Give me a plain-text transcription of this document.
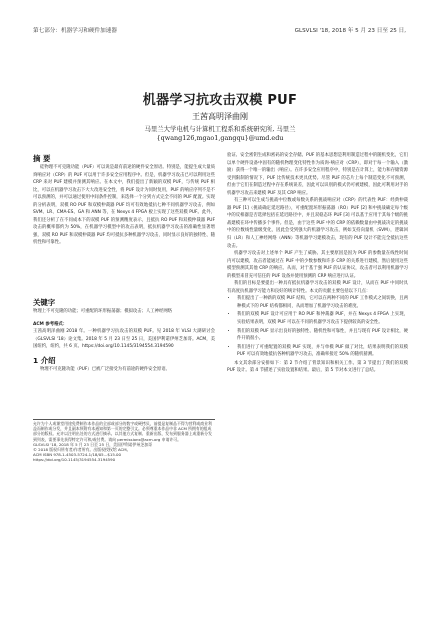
第七部分：机器学习和硬件加速器	GLSVLSI '18, 2018 年 5 月 23 日至 25 日,
机器学习抗攻击双模 PUF
王茜高明泽曲刚
马里兰大学电机与计算机工程系和系统研究所, 马里兰
{qwang126,mgao1,gangqu}@umd.edu
摘 要

硅物理不可克隆功能（PUF）可以说是最有前途的硬件安全原语。特别是，能提生成大量质询响应对（CRP）的 PUF 可以用于许多安全应用程序中。但是，机器学习攻击已可以利用这些 CRP 来对 PUF 建模并预测其响应。在本文中，我们提出了新颖的双模 PUF，与传统 PUF 相比，可以在机器学习攻击下大大改进安全性，将 PUF 设计为同时复用，PUF 的响应序列不是不可以预测的，并可以通过使用中间条件控制，来选择一个分到方式完全不同的 PUF 配置。实现的分析表明，双模 RO PUF 和双模仲裁器 PUF 均可有效地抵抗七种不同机器学习攻击，例如 SVM、LR、CMA-ES、GA 和 ANN 等，在 Nexys 4 FPGA 板上实现了这些双模 PUF。此外，我们还分析了在不同成本下的双模 PUF 的预测精度表示，且抵抗 RO PUF 和双模仲裁器 PUF 攻击的概率都约为 50%，在机器学习模型中的攻击表明，抵抗机器学习攻击的准确性显著增强，双模 RO PUF 和双模仲裁器 PUF 均可抵抗多种机器学习攻击，同时显示良好的独特性、随机性和可靠性。

关键字

物理上不可克隆的功能；可重配的环形振荡器；模拟攻击；人工神经网络

ACM 参考格式：

王茜高明泽曲刚 2018 年。一种机器学习抗攻击的双模 PUF。见 2018 年 VLSI 大湖研讨会（GLSVLSI '18）论文集。2018 年 5 月 23 日至 25 日，美国伊利诺伊州芝加哥。ACM，美国纽约，纽约，共 6 页。https://doi.org/10.1145/3194554.3194590

1 介绍

物理不可克隆功能（PUF）已被广泛接受为有前途的硬件安全原语。

允许为个人或课堂用途免费制作本作品的全部或部分的数字或硬拷贝，前提是复制品不得为营利或商业利益而制作或分发，并且副本须附有本通知和第一页的完整引文。必须尊重本作品中非 ACM 所拥有的组成部分的版权。允许以注明出处的方式进行摘录。以其他方式复制、重新出版、发布到服务器上或重新分发到列表，需要事先获得特定许可和/或付费。请向 permissions@acm.org 申请许可。

GLSVLSI '18, 2018 年 5 月 23 日至 25 日，美国伊利诺伊州芝加哥

© 2018 版权归所有者/作者所有。出版权授权给 ACM。

ACM ISBN 978-1-4503-5724-1/18/05...$15.00

https://doi.org/10.1145/3194554.3194590

验证、安全密钥生成和密码的安全存储。PUF 的基本思想是利用制造过程中的随机变化，它们以单个硬件设备中固有的随机物理变化特性作为质询-响应对（CRP），即对于每一个输入（激励）获得一个唯一的输出（响应）。在许多安全应用程序中，特别是在计算上，能力和存储资源受到限制的情况下，PUF 比传统技术更具优势。尽管 PUF 的芯片上每个制造变化不可预测，但由于它们在制造过程中存在系统误差，因此可以识别的模式仍可被建模，因此可利用对手的机器学习攻击来建模 PUF 及其 CRP 响应。

有三种可以生成与挑战中位数或每数关系的挑战响应对（CRP）的代表性 PUF：经典仲裁器 PUF [1]（挑战确定延迟路径），可重配置环形振荡器（RO）PUF [2] 和中挑战确定每个级中的反相器是否选择包括在延迟路径中，并且双稳态环 PUF [3] 可以基于应用于其每个级的挑战建模在环中传播多个事件。但是，由于这些 PUF 中的 CRP 的依赖数量由中挑战决定的挑战中的位数线性量级变化，因此会受到强大的机器学习攻击，例如支持向量机（SVM），逻辑回归（LR）和人工神经网络（ANN）等机器学习建模攻击，现有的 PUF 设计不能完全抵抗这些攻击。

机器学习攻击对上述单个 PUF 产生了威胁。其主要原因是因为 PUF 的参数量在线性时间内可以建模，攻击者能通过在 PUF 中的少数参数和许多 CRP 的关系进行建模，然后使用这些模型预测其其他 CRP 的响应。从而，对于基于强 PUF 的认证协议，攻击者可以利用机器学习的模型来冒充可信任的 PUF 设备并使用预测的 CRP 响应进行认证。

我们的目标是要提出一种具有抵抗机器学习攻击的双模 PUF 设计，从而在 PUF 中同时具有高度抗机器学习能力和良好的统计特性。本文的贡献主要包括以下几点：

• 我们提出了一种新的双模 PUF 结构，它可以在两种不同的 PUF 工作模式之间切换，且两种模式下的 PUF 结构都相同，从而增加了机器学习攻击的难度。
• 我们的双模 PUF 设计可应用于 RO PUF 和仲裁器 PUF，并在 Nexys 4 FPGA 上实现，实验结果表明，双模 PUF 可以在不同的机器学习攻击下提供较高的安全性。
• 我们的双模 PUF 显示出良好的独特性、随机性和可靠性，并且与现有 PUF 设计相比，硬件开销很小。
• 我们进行了可重配置的双模 PUF 实现，并与单模 PUF 做了对比，结果表明我们的双模 PUF 可以有效地抵抗各种机器学习攻击，准确率接近 50% 的随机猜测。

本文其余部分安排如下：第 2 节介绍了背景知识和相关工作。第 3 节提出了我们的双模 PUF 设计。第 4 节描述了实验设置和结果。最后，第 5 节对本文进行了总结。
